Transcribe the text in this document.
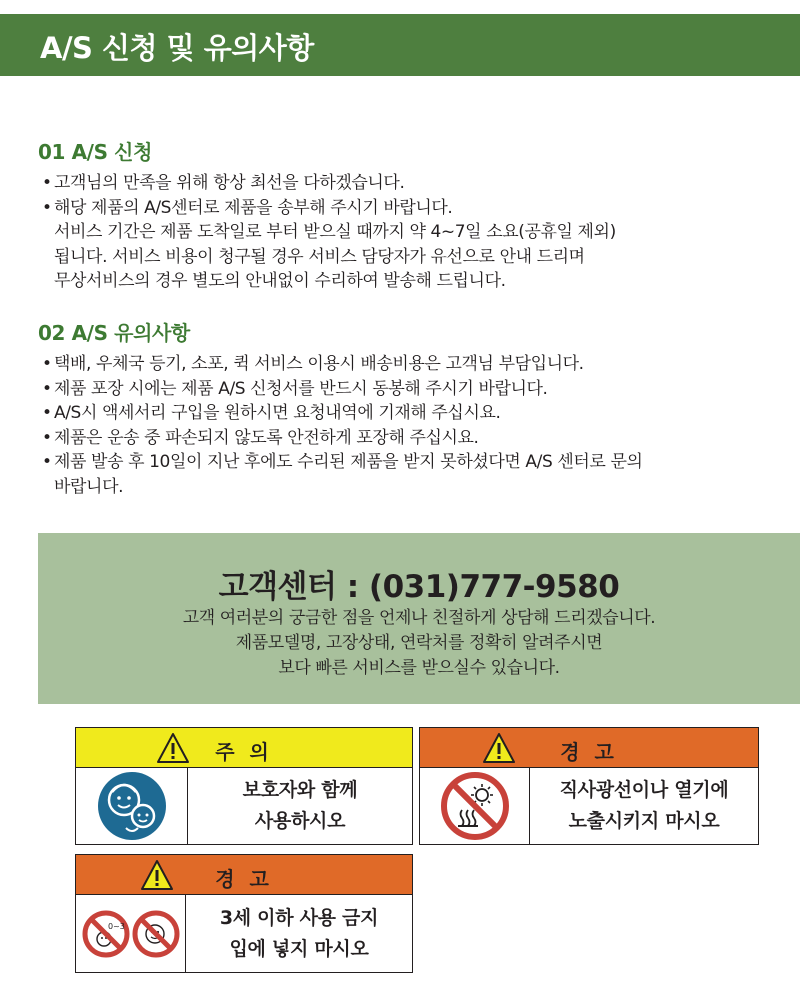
A/S 신청 및 유의사항
01 A/S 신청
• 고객님의 만족을 위해 항상 최선을 다하겠습니다.
• 해당 제품의 A/S센터로 제품을 송부해 주시기 바랍니다.
서비스 기간은 제품 도착일로 부터 받으실 때까지 약 4~7일 소요(공휴일 제외)
됩니다. 서비스 비용이 청구될 경우 서비스 담당자가 유선으로 안내 드리며
무상서비스의 경우 별도의 안내없이 수리하여 발송해 드립니다.
02 A/S 유의사항
• 택배, 우체국 등기, 소포, 퀵 서비스 이용시 배송비용은 고객님 부담입니다.
• 제품 포장 시에는 제품 A/S 신청서를 반드시 동봉해 주시기 바랍니다.
• A/S시 액세서리 구입을 원하시면 요청내역에 기재해 주십시요.
• 제품은 운송 중 파손되지 않도록 안전하게 포장해 주십시요.
• 제품 발송 후 10일이 지난 후에도 수리된 제품을 받지 못하셨다면 A/S 센터로 문의
바랍니다.
고객센터 : (031)777-9580
고객 여러분의 궁금한 점을 언제나 친절하게 상담해 드리겠습니다.
제품모델명, 고장상태, 연락처를 정확히 알려주시면
보다 빠른 서비스를 받으실수 있습니다.
주 의
보호자와 함께
사용하시오
경 고
직사광선이나 열기에
노출시키지 마시오
경 고
0~3	3세 이하 사용 금지
입에 넣지 마시오
